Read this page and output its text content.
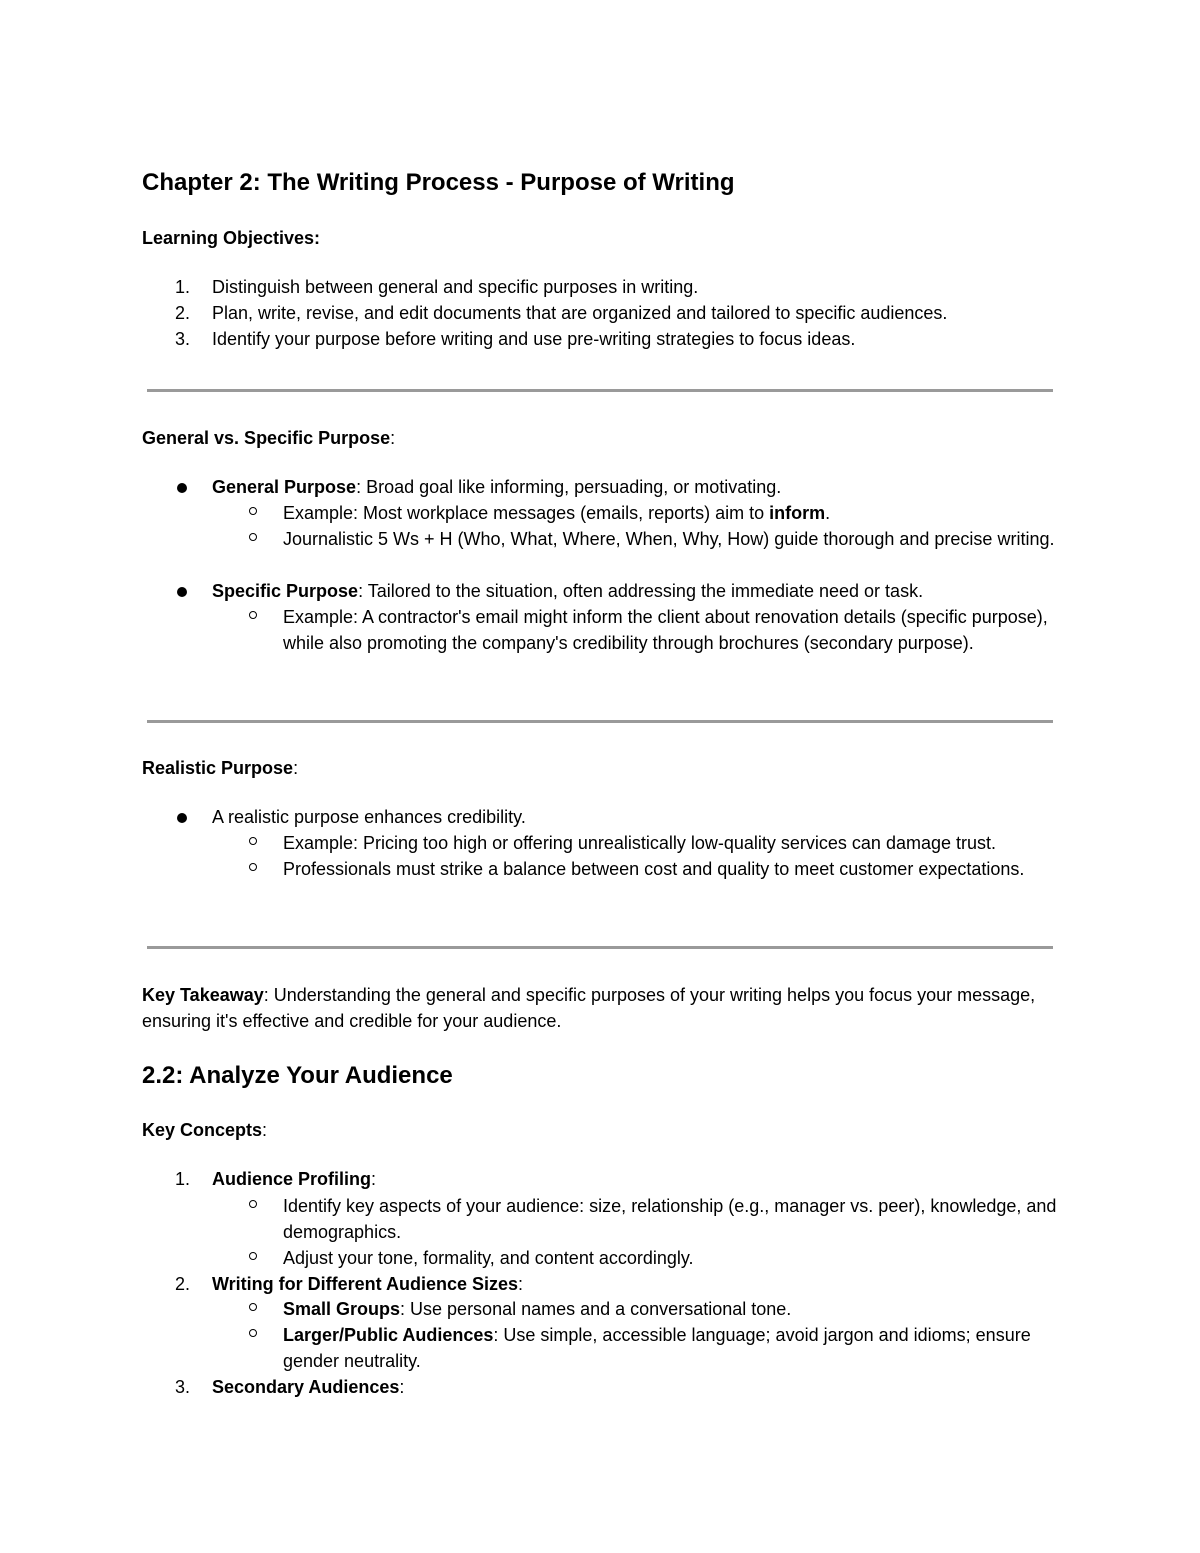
Chapter 2: The Writing Process - Purpose of Writing
Learning Objectives:
1.	Distinguish between general and specific purposes in writing.
2.	Plan, write, revise, and edit documents that are organized and tailored to specific audiences.
3.	Identify your purpose before writing and use pre-writing strategies to focus ideas.
General vs. Specific Purpose:
General Purpose: Broad goal like informing, persuading, or motivating.
Example: Most workplace messages (emails, reports) aim to inform.
Journalistic 5 Ws + H (Who, What, Where, When, Why, How) guide thorough and precise writing.
Specific Purpose: Tailored to the situation, often addressing the immediate need or task.
Example: A contractor's email might inform the client about renovation details (specific purpose), while also promoting the company's credibility through brochures (secondary purpose).
Realistic Purpose:
A realistic purpose enhances credibility.
Example: Pricing too high or offering unrealistically low-quality services can damage trust.
Professionals must strike a balance between cost and quality to meet customer expectations.
Key Takeaway: Understanding the general and specific purposes of your writing helps you focus your message, ensuring it's effective and credible for your audience.
2.2: Analyze Your Audience
Key Concepts:
1.	Audience Profiling:
Identify key aspects of your audience: size, relationship (e.g., manager vs. peer), knowledge, and demographics.
Adjust your tone, formality, and content accordingly.
2.	Writing for Different Audience Sizes:
Small Groups: Use personal names and a conversational tone.
Larger/Public Audiences: Use simple, accessible language; avoid jargon and idioms; ensure gender neutrality.
3.	Secondary Audiences:
